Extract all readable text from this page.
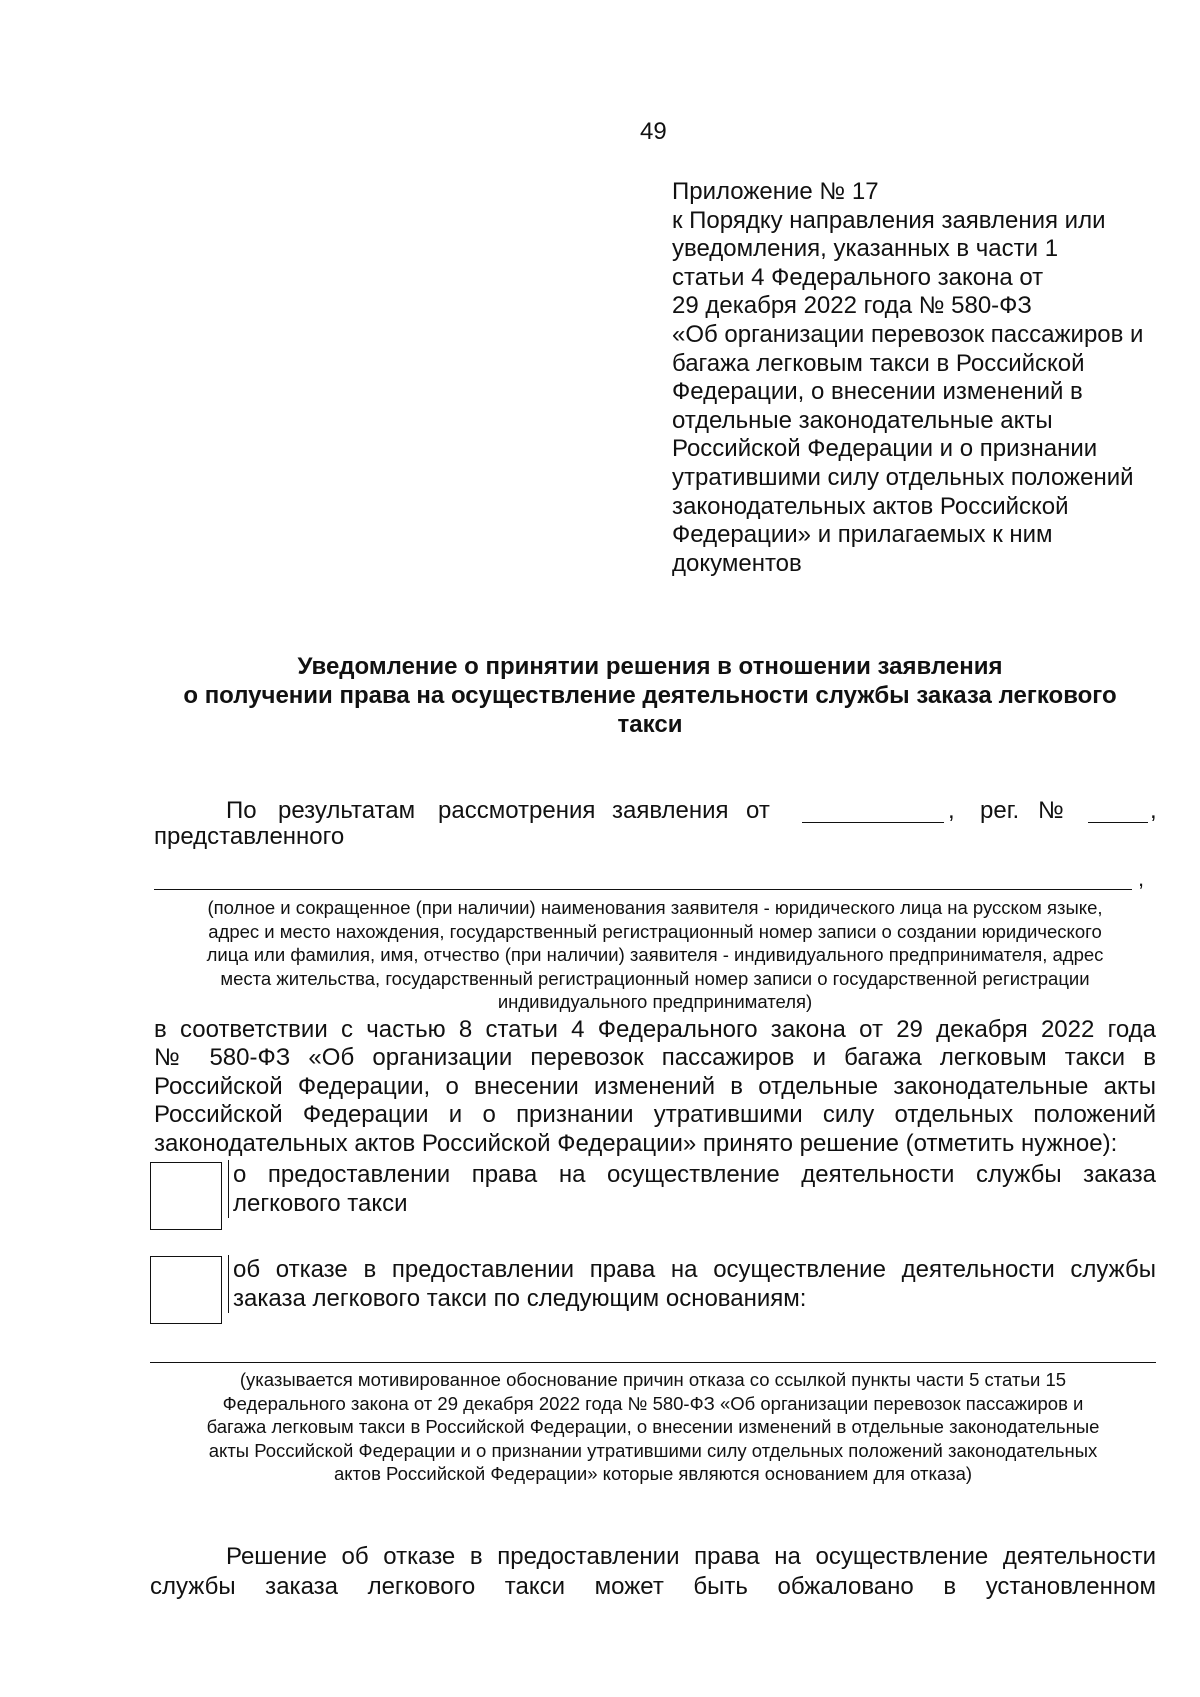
49
Приложение № 17
к Порядку направления заявления или
уведомления, указанных в части 1
статьи 4 Федерального закона от
29 декабря 2022 года № 580-ФЗ
«Об организации перевозок пассажиров и
багажа легковым такси в Российской
Федерации, о внесении изменений в
отдельные законодательные акты
Российской Федерации и о признании
утратившими силу отдельных положений
законодательных актов Российской
Федерации» и прилагаемых к ним
документов
Уведомление о принятии решения в отношении заявления
о получении права на осуществление деятельности службы заказа легкового
такси
По результатам рассмотрения заявления от	, рег. №	,
представленного
,
(полное и сокращенное (при наличии) наименования заявителя - юридического лица на русском языке,
адрес и место нахождения, государственный регистрационный номер записи о создании юридического
лица или фамилия, имя, отчество (при наличии) заявителя - индивидуального предпринимателя, адрес
места жительства, государственный регистрационный номер записи о государственной регистрации
индивидуального предпринимателя)
в соответствии с частью 8 статьи 4 Федерального закона от 29 декабря 2022 года
№ 580-ФЗ «Об организации перевозок пассажиров и багажа легковым такси в
Российской Федерации, о внесении изменений в отдельные законодательные акты
Российской Федерации и о признании утратившими силу отдельных положений
законодательных актов Российской Федерации» принято решение (отметить нужное):
о предоставлении права на осуществление деятельности службы заказа
легкового такси
об отказе в предоставлении права на осуществление деятельности службы
заказа легкового такси по следующим основаниям:
(указывается мотивированное обоснование причин отказа со ссылкой пункты части 5 статьи 15
Федерального закона от 29 декабря 2022 года № 580-ФЗ «Об организации перевозок пассажиров и
багажа легковым такси в Российской Федерации, о внесении изменений в отдельные законодательные
акты Российской Федерации и о признании утратившими силу отдельных положений законодательных
актов Российской Федерации» которые являются основанием для отказа)
Решение об отказе в предоставлении права на осуществление деятельности
службы заказа легкового такси может быть обжаловано в установленном
